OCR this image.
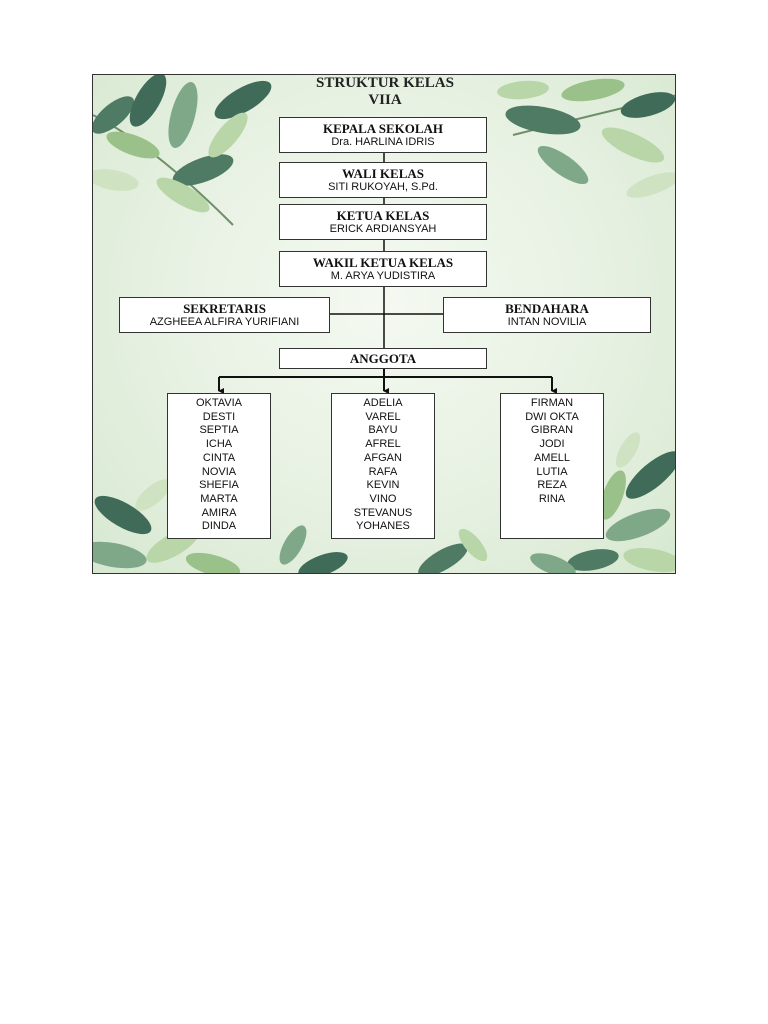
STRUKTUR KELAS
VIIA
KEPALA SEKOLAH
Dra. HARLINA IDRIS
WALI KELAS
SITI RUKOYAH, S.Pd.
KETUA KELAS
ERICK ARDIANSYAH
WAKIL KETUA KELAS
M. ARYA YUDISTIRA
SEKRETARIS
AZGHEEA ALFIRA YURIFIANI
BENDAHARA
INTAN NOVILIA
ANGGOTA
OKTAVIA
DESTI
SEPTIA
ICHA
CINTA
NOVIA
SHEFIA
MARTA
AMIRA
DINDA
ADELIA
VAREL
BAYU
AFREL
AFGAN
RAFA
KEVIN
VINO
STEVANUS
YOHANES
FIRMAN
DWI OKTA
GIBRAN
JODI
AMELL
LUTIA
REZA
RINA
